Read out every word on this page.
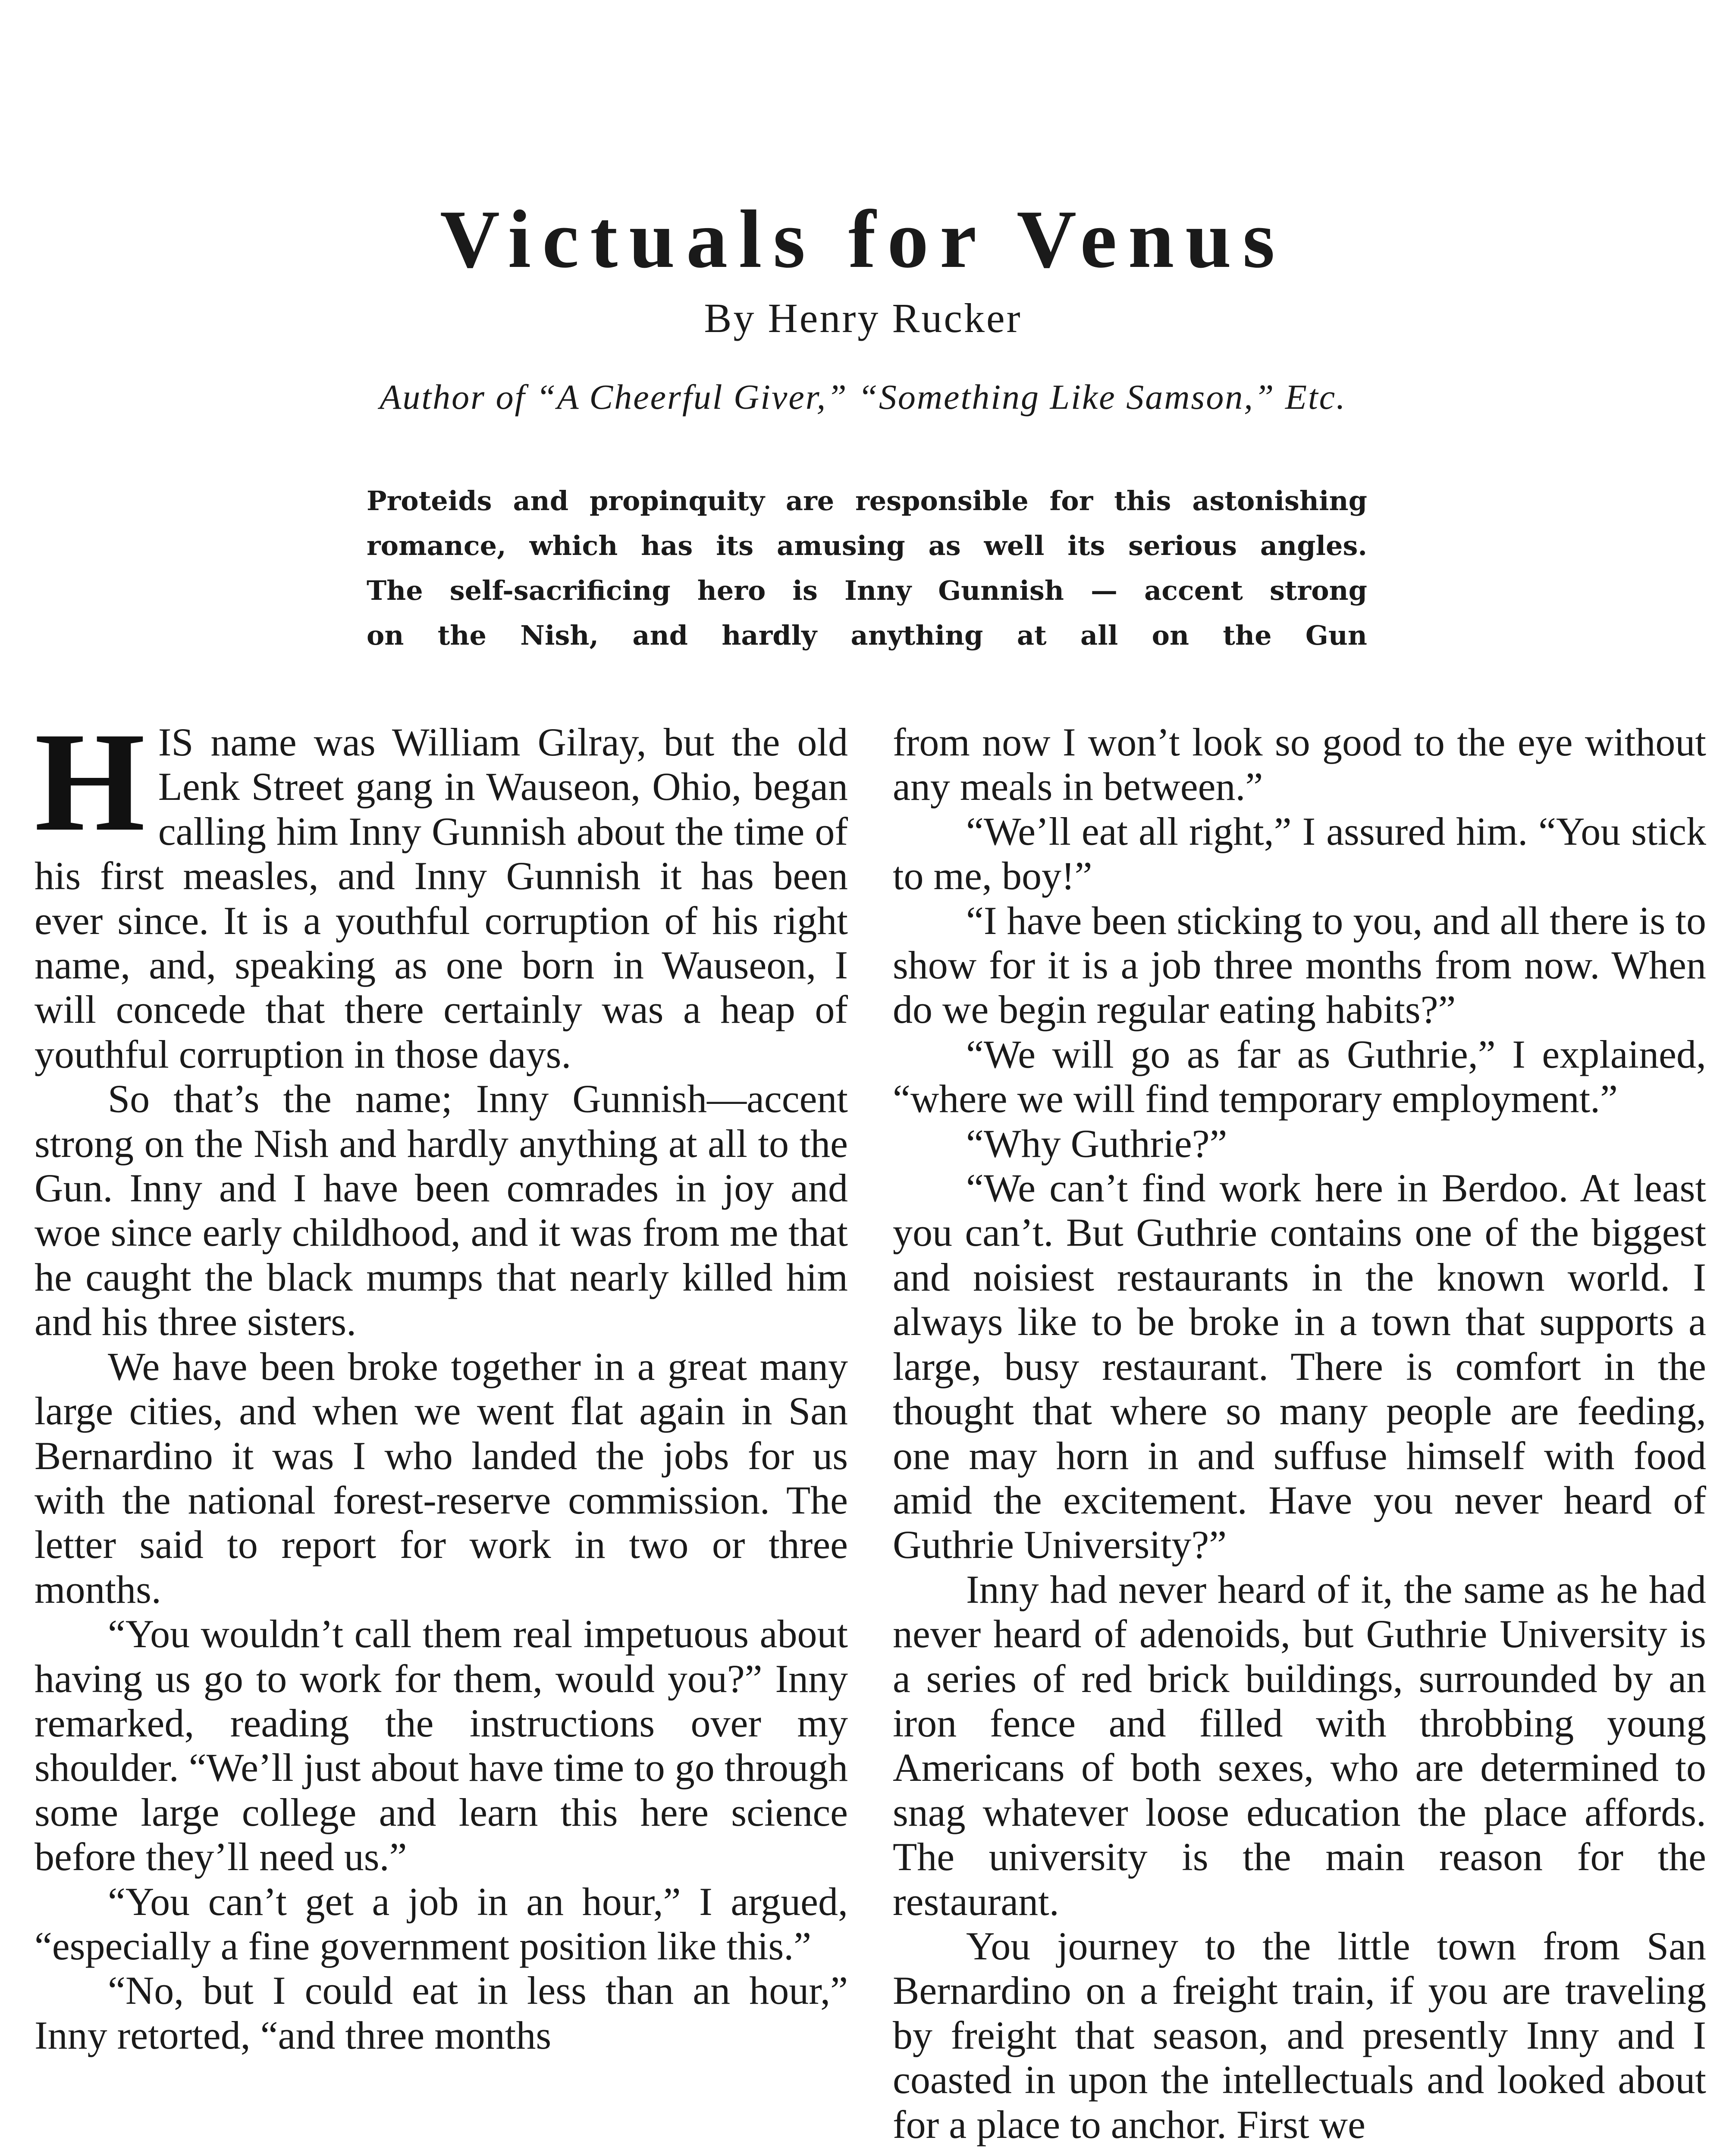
Victuals for Venus
By Henry Rucker
Author of “A Cheerful Giver,” “Something Like Samson,” Etc.
Proteids and propinquity are responsible for this astonishing
romance, which has its amusing as well its serious angles.
The self-sacrificing hero is Inny Gunnish — accent strong
on the Nish, and hardly anything at all on the Gun

HIS name was William Gilray, but the old Lenk Street gang in Wauseon, Ohio, began calling him Inny Gunnish about the time of his first measles, and Inny Gunnish it has been ever since. It is a youthful corruption of his right name, and, speaking as one born in Wauseon, I will concede that there certainly was a heap of youthful corruption in those days.

So that’s the name; Inny Gunnish—accent strong on the Nish and hardly anything at all to the Gun. Inny and I have been comrades in joy and woe since early childhood, and it was from me that he caught the black mumps that nearly killed him and his three sisters.

We have been broke together in a great many large cities, and when we went flat again in San Bernardino it was I who landed the jobs for us with the national forest-reserve commission. The letter said to report for work in two or three months.

“You wouldn’t call them real impetuous about having us go to work for them, would you?” Inny remarked, reading the instructions over my shoulder. “We’ll just about have time to go through some large college and learn this here science before they’ll need us.”

“You can’t get a job in an hour,” I argued, “especially a fine government position like this.”

“No, but I could eat in less than an hour,” Inny retorted, “and three months

from now I won’t look so good to the eye without any meals in between.”

“We’ll eat all right,” I assured him. “You stick to me, boy!”

“I have been sticking to you, and all there is to show for it is a job three months from now. When do we begin regular eating habits?”

“We will go as far as Guthrie,” I explained, “where we will find temporary employment.”

“Why Guthrie?”

“We can’t find work here in Berdoo. At least you can’t. But Guthrie contains one of the biggest and noisiest restaurants in the known world. I always like to be broke in a town that supports a large, busy restaurant. There is comfort in the thought that where so many people are feeding, one may horn in and suffuse himself with food amid the excitement. Have you never heard of Guthrie University?”

Inny had never heard of it, the same as he had never heard of adenoids, but Guthrie University is a series of red brick buildings, surrounded by an iron fence and filled with throbbing young Americans of both sexes, who are determined to snag whatever loose education the place affords. The university is the main reason for the restaurant.

You journey to the little town from San Bernardino on a freight train, if you are traveling by freight that season, and presently Inny and I coasted in upon the intellectuals and looked about for a place to anchor. First we
